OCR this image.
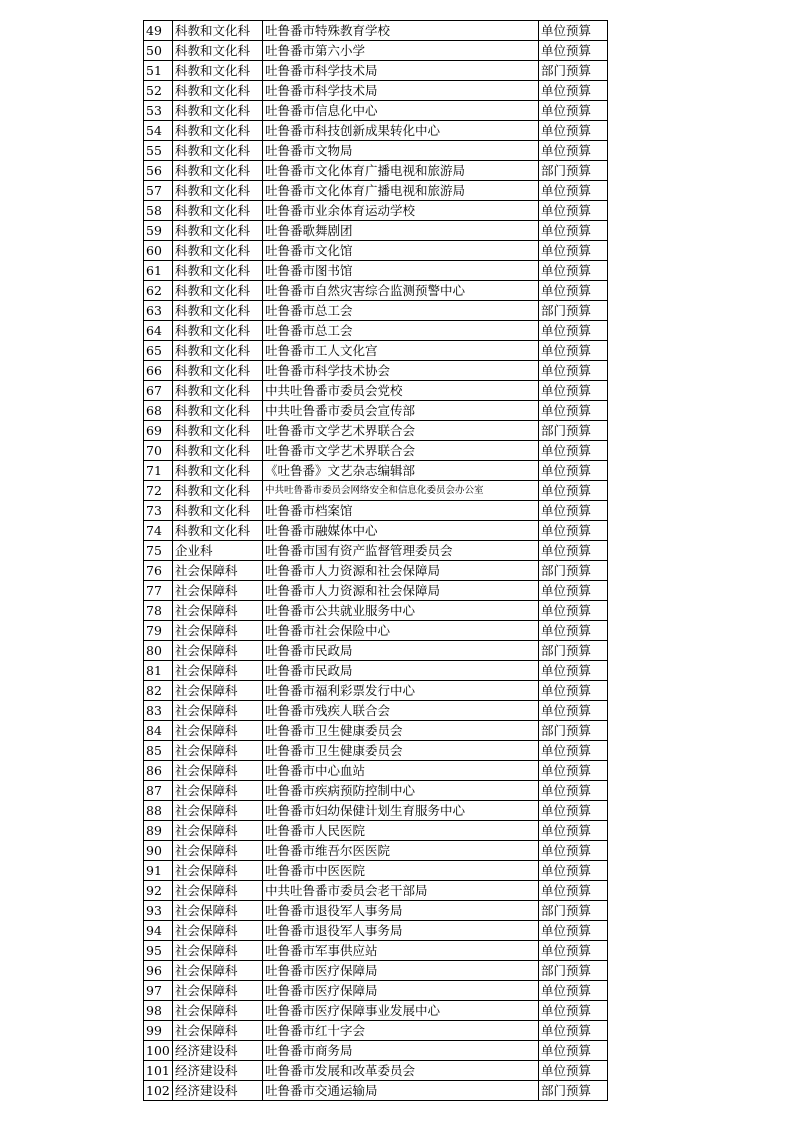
49	科教和文化科	吐鲁番市特殊教育学校	单位预算
50	科教和文化科	吐鲁番市第六小学	单位预算
51	科教和文化科	吐鲁番市科学技术局	部门预算
52	科教和文化科	吐鲁番市科学技术局	单位预算
53	科教和文化科	吐鲁番市信息化中心	单位预算
54	科教和文化科	吐鲁番市科技创新成果转化中心	单位预算
55	科教和文化科	吐鲁番市文物局	单位预算
56	科教和文化科	吐鲁番市文化体育广播电视和旅游局	部门预算
57	科教和文化科	吐鲁番市文化体育广播电视和旅游局	单位预算
58	科教和文化科	吐鲁番市业余体育运动学校	单位预算
59	科教和文化科	吐鲁番歌舞剧团	单位预算
60	科教和文化科	吐鲁番市文化馆	单位预算
61	科教和文化科	吐鲁番市图书馆	单位预算
62	科教和文化科	吐鲁番市自然灾害综合监测预警中心	单位预算
63	科教和文化科	吐鲁番市总工会	部门预算
64	科教和文化科	吐鲁番市总工会	单位预算
65	科教和文化科	吐鲁番市工人文化宫	单位预算
66	科教和文化科	吐鲁番市科学技术协会	单位预算
67	科教和文化科	中共吐鲁番市委员会党校	单位预算
68	科教和文化科	中共吐鲁番市委员会宣传部	单位预算
69	科教和文化科	吐鲁番市文学艺术界联合会	部门预算
70	科教和文化科	吐鲁番市文学艺术界联合会	单位预算
71	科教和文化科	《吐鲁番》文艺杂志编辑部	单位预算
72	科教和文化科	中共吐鲁番市委员会网络安全和信息化委员会办公室	单位预算
73	科教和文化科	吐鲁番市档案馆	单位预算
74	科教和文化科	吐鲁番市融媒体中心	单位预算
75	企业科	吐鲁番市国有资产监督管理委员会	单位预算
76	社会保障科	吐鲁番市人力资源和社会保障局	部门预算
77	社会保障科	吐鲁番市人力资源和社会保障局	单位预算
78	社会保障科	吐鲁番市公共就业服务中心	单位预算
79	社会保障科	吐鲁番市社会保险中心	单位预算
80	社会保障科	吐鲁番市民政局	部门预算
81	社会保障科	吐鲁番市民政局	单位预算
82	社会保障科	吐鲁番市福利彩票发行中心	单位预算
83	社会保障科	吐鲁番市残疾人联合会	单位预算
84	社会保障科	吐鲁番市卫生健康委员会	部门预算
85	社会保障科	吐鲁番市卫生健康委员会	单位预算
86	社会保障科	吐鲁番市中心血站	单位预算
87	社会保障科	吐鲁番市疾病预防控制中心	单位预算
88	社会保障科	吐鲁番市妇幼保健计划生育服务中心	单位预算
89	社会保障科	吐鲁番市人民医院	单位预算
90	社会保障科	吐鲁番市维吾尔医医院	单位预算
91	社会保障科	吐鲁番市中医医院	单位预算
92	社会保障科	中共吐鲁番市委员会老干部局	单位预算
93	社会保障科	吐鲁番市退役军人事务局	部门预算
94	社会保障科	吐鲁番市退役军人事务局	单位预算
95	社会保障科	吐鲁番市军事供应站	单位预算
96	社会保障科	吐鲁番市医疗保障局	部门预算
97	社会保障科	吐鲁番市医疗保障局	单位预算
98	社会保障科	吐鲁番市医疗保障事业发展中心	单位预算
99	社会保障科	吐鲁番市红十字会	单位预算
100	经济建设科	吐鲁番市商务局	单位预算
101	经济建设科	吐鲁番市发展和改革委员会	单位预算
102	经济建设科	吐鲁番市交通运输局	部门预算
